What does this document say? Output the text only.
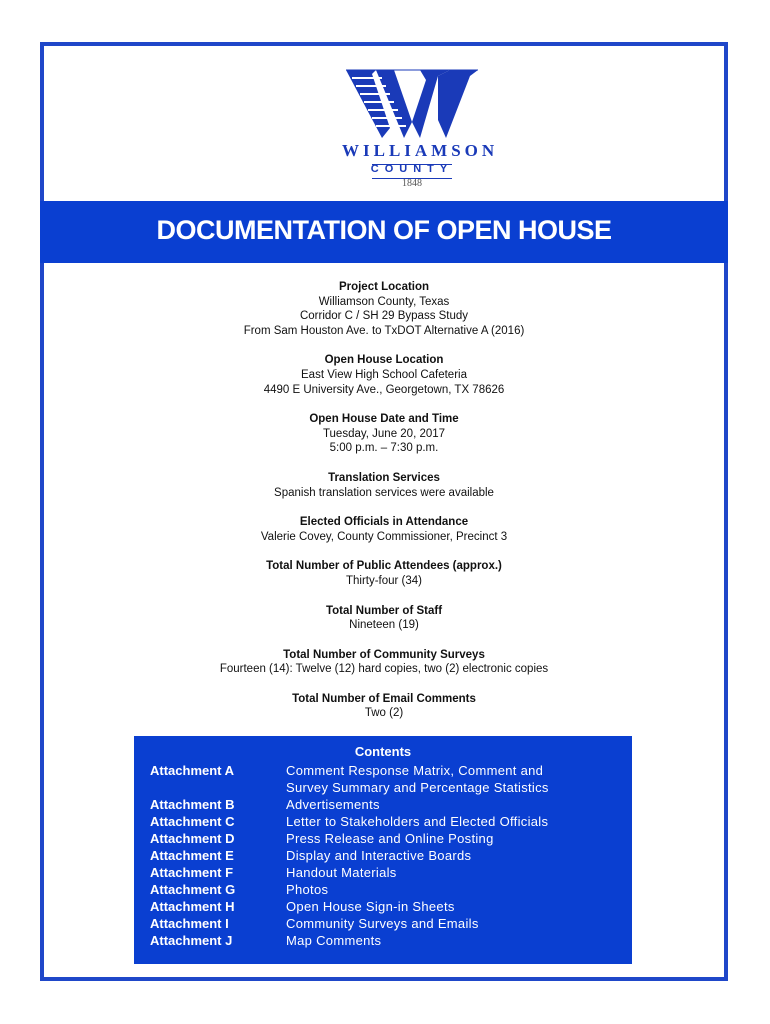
WILLIAMSON
COUNTY
1848
DOCUMENTATION OF OPEN HOUSE
Project Location
Williamson County, Texas
Corridor C / SH 29 Bypass Study
From Sam Houston Ave. to TxDOT Alternative A (2016)
Open House Location
East View High School Cafeteria
4490 E University Ave., Georgetown, TX 78626
Open House Date and Time
Tuesday, June 20, 2017
5:00 p.m. – 7:30 p.m.
Translation Services
Spanish translation services were available
Elected Officials in Attendance
Valerie Covey, County Commissioner, Precinct 3
Total Number of Public Attendees (approx.)
Thirty-four (34)
Total Number of Staff
Nineteen (19)
Total Number of Community Surveys
Fourteen (14): Twelve (12) hard copies, two (2) electronic copies
Total Number of Email Comments
Two (2)
Contents
Attachment A	Comment Response Matrix, Comment and
Survey Summary and Percentage Statistics
Attachment B	Advertisements
Attachment C	Letter to Stakeholders and Elected Officials
Attachment D	Press Release and Online Posting
Attachment E	Display and Interactive Boards
Attachment F	Handout Materials
Attachment G	Photos
Attachment H	Open House Sign-in Sheets
Attachment I	Community Surveys and Emails
Attachment J	Map Comments
